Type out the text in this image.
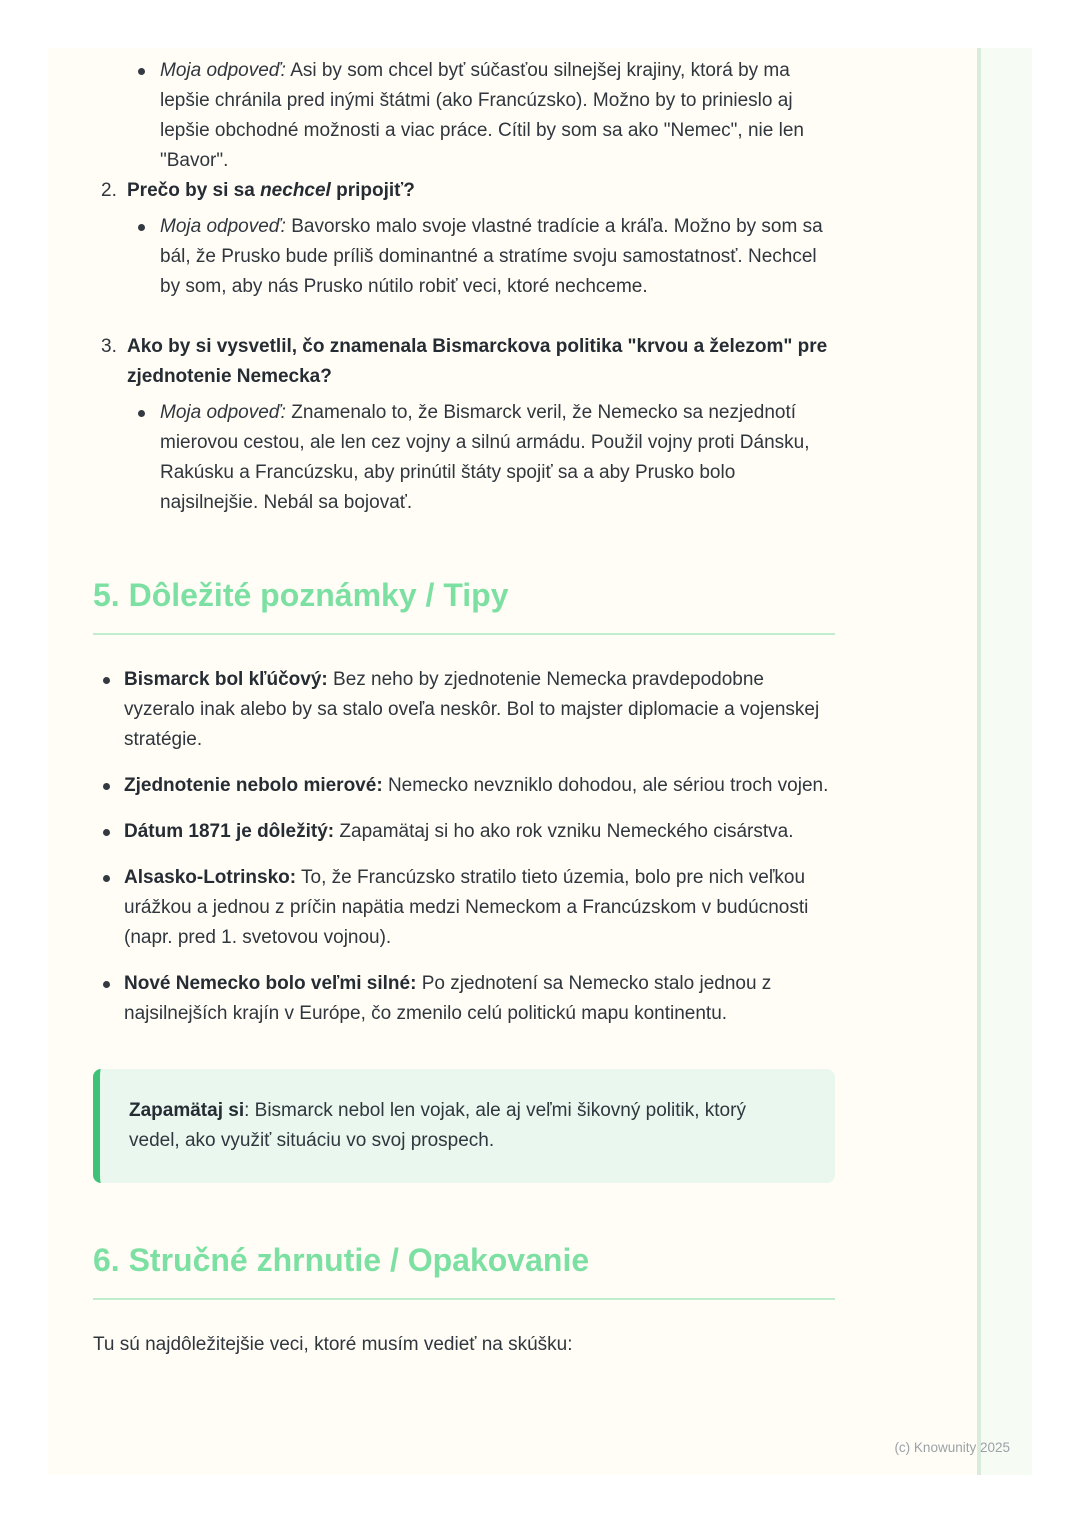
Moja odpoveď: Asi by som chcel byť súčasťou silnejšej krajiny, ktorá by ma lepšie chránila pred inými štátmi (ako Francúzsko). Možno by to prinieslo aj lepšie obchodné možnosti a viac práce. Cítil by som sa ako "Nemec", nie len "Bavor".
2. Prečo by si sa nechcel pripojiť?
Moja odpoveď: Bavorsko malo svoje vlastné tradície a kráľa. Možno by som sa bál, že Prusko bude príliš dominantné a stratíme svoju samostatnosť. Nechcel by som, aby nás Prusko nútilo robiť veci, ktoré nechceme.
3. Ako by si vysvetlil, čo znamenala Bismarckova politika "krvou a železom" pre zjednotenie Nemecka?
Moja odpoveď: Znamenalo to, že Bismarck veril, že Nemecko sa nezjednotí mierovou cestou, ale len cez vojny a silnú armádu. Použil vojny proti Dánsku, Rakúsku a Francúzsku, aby prinútil štáty spojiť sa a aby Prusko bolo najsilnejšie. Nebál sa bojovať.
5. Dôležité poznámky / Tipy
Bismarck bol kľúčový: Bez neho by zjednotenie Nemecka pravdepodobne vyzeralo inak alebo by sa stalo oveľa neskôr. Bol to majster diplomacie a vojenskej stratégie.
Zjednotenie nebolo mierové: Nemecko nevzniklo dohodou, ale sériou troch vojen.
Dátum 1871 je dôležitý: Zapamätaj si ho ako rok vzniku Nemeckého cisárstva.
Alsasko-Lotrinsko: To, že Francúzsko stratilo tieto územia, bolo pre nich veľkou urážkou a jednou z príčin napätia medzi Nemeckom a Francúzskom v budúcnosti (napr. pred 1. svetovou vojnou).
Nové Nemecko bolo veľmi silné: Po zjednotení sa Nemecko stalo jednou z najsilnejších krajín v Európe, čo zmenilo celú politickú mapu kontinentu.
Zapamätaj si: Bismarck nebol len vojak, ale aj veľmi šikovný politik, ktorý vedel, ako využiť situáciu vo svoj prospech.
6. Stručné zhrnutie / Opakovanie

Tu sú najdôležitejšie veci, ktoré musím vedieť na skúšku:

(c) Knowunity 2025
